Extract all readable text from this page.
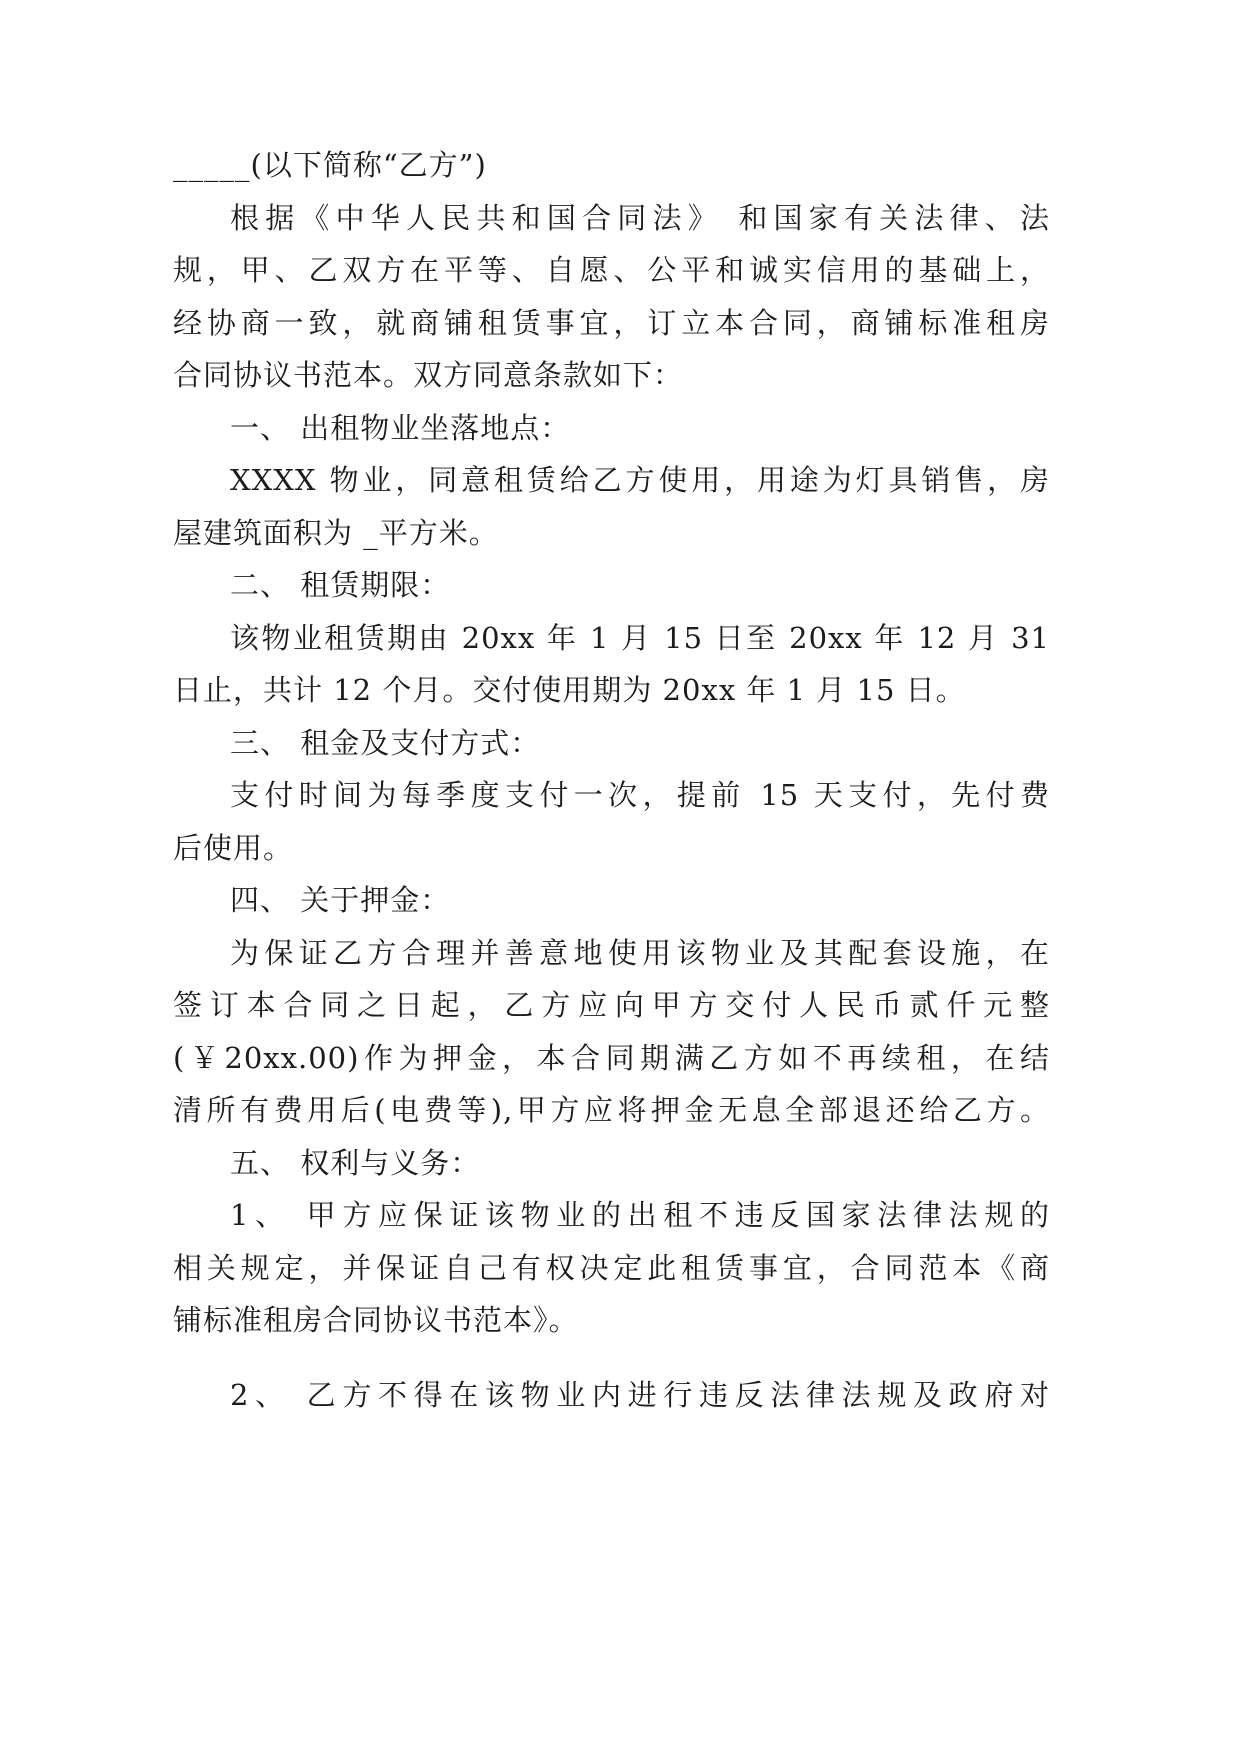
_____(以下简称“乙方”)
根据《中华人民共和国合同法》 和国家有关法律、法
规，甲、乙双方在平等、自愿、公平和诚实信用的基础上，
经协商一致，就商铺租赁事宜，订立本合同，商铺标准租房
合同协议书范本。双方同意条款如下：
一、 出租物业坐落地点：
XXXX 物业，同意租赁给乙方使用，用途为灯具销售，房
屋建筑面积为 _平方米。
二、 租赁期限：
该物业租赁期由 20xx 年 1 月 15 日至 20xx 年 12 月 31
日止，共计 12 个月。交付使用期为 20xx 年 1 月 15 日。
三、 租金及支付方式：
支付时间为每季度支付一次，提前 15 天支付，先付费
后使用。
四、 关于押金：
为保证乙方合理并善意地使用该物业及其配套设施，在
签订本合同之日起，乙方应向甲方交付人民币贰仟元整
(￥20xx.00)作为押金，本合同期满乙方如不再续租，在结
清所有费用后(电费等),甲方应将押金无息全部退还给乙方。
五、 权利与义务：
1、 甲方应保证该物业的出租不违反国家法律法规的
相关规定，并保证自己有权决定此租赁事宜，合同范本《商
铺标准租房合同协议书范本》。
2、 乙方不得在该物业内进行违反法律法规及政府对
